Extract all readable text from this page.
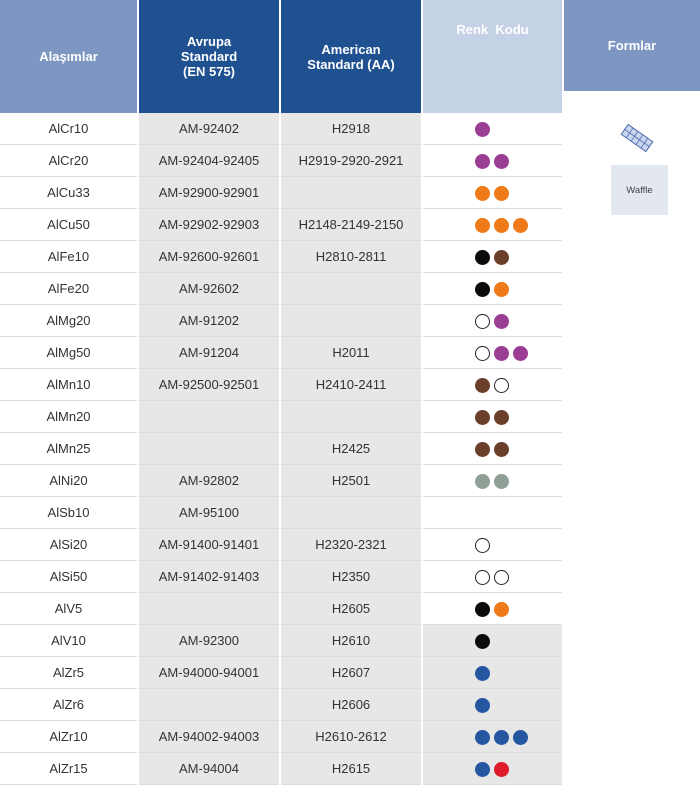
Alaşımlar	Avrupa
Standard
(EN 575)	American
Standard (AA)	Renk  Kodu
AlCr10	AM-92402	H2918	
AlCr20	AM-92404-92405	H2919-2920-2921	
AlCu33	AM-92900-92901		
AlCu50	AM-92902-92903	H2148-2149-2150	
AlFe10	AM-92600-92601	H2810-2811	
AlFe20	AM-92602		
AlMg20	AM-91202		
AlMg50	AM-91204	H2011	
AlMn10	AM-92500-92501	H2410-2411	
AlMn20			
AlMn25		H2425	
AlNi20	AM-92802	H2501	
AlSb10	AM-95100		
AlSi20	AM-91400-91401	H2320-2321	
AlSi50	AM-91402-91403	H2350	
AlV5		H2605	
AlV10	AM-92300	H2610	
AlZr5	AM-94000-94001	H2607	
AlZr6		H2606	
AlZr10	AM-94002-94003	H2610-2612	
AlZr15	AM-94004	H2615	
Formlar
Waffle
